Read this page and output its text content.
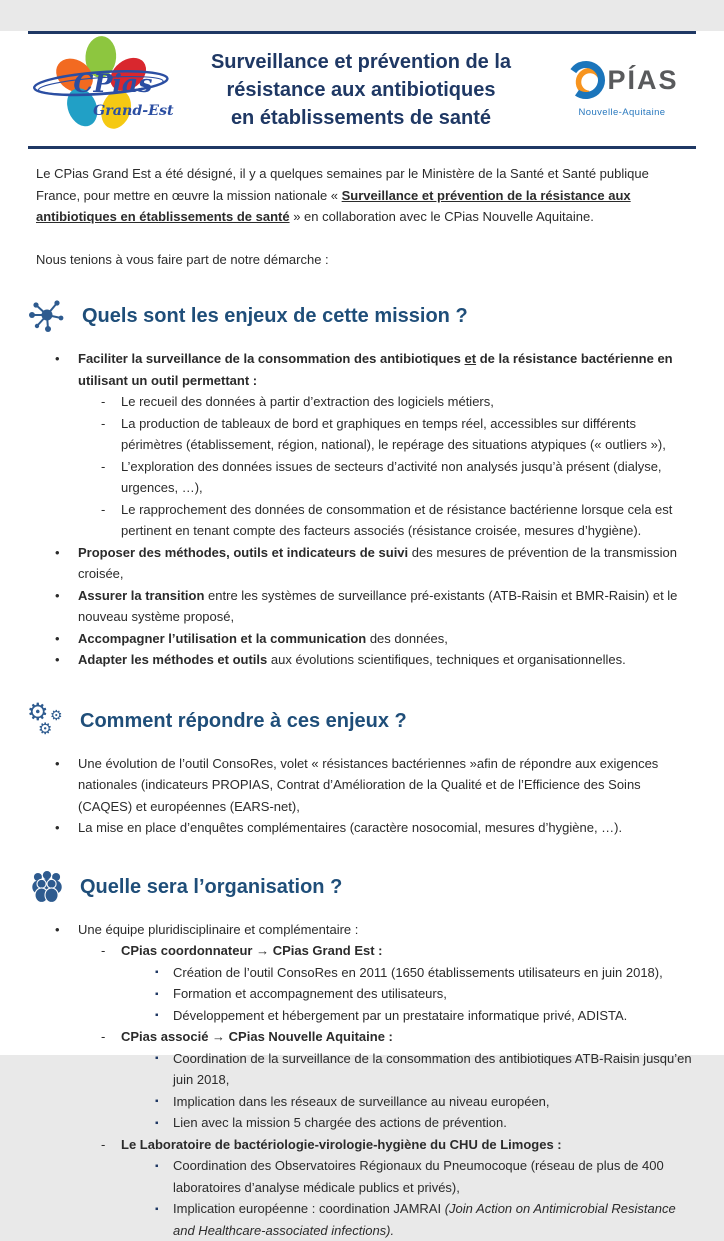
CPias
Grand-Est
Surveillance et prévention de la
résistance aux antibiotiques
en établissements de santé
PÍAS
Nouvelle-Aquitaine

Le CPias Grand Est a été désigné, il y a quelques semaines par le Ministère de la Santé et Santé publique France, pour mettre en œuvre la mission nationale « Surveillance et prévention de la résistance aux antibiotiques en établissements de santé » en collaboration avec le CPias Nouvelle Aquitaine.

Nous tenions à vous faire part de notre démarche :

Quels sont les enjeux de cette mission ?
• Faciliter la surveillance de la consommation des antibiotiques et de la résistance bactérienne en utilisant un outil permettant :
- Le recueil des données à partir d’extraction des logiciels métiers,
- La production de tableaux de bord et graphiques en temps réel, accessibles sur différents périmètres (établissement, région, national), le repérage des situations atypiques (« outliers »),
- L’exploration des données issues de secteurs d’activité non analysés jusqu’à présent (dialyse, urgences, …),
- Le rapprochement des données de consommation et de résistance bactérienne lorsque cela est pertinent en tenant compte des facteurs associés (résistance croisée, mesures d’hygiène).
• Proposer des méthodes, outils et indicateurs de suivi des mesures de prévention de la transmission croisée,
• Assurer la transition entre les systèmes de surveillance pré-existants (ATB-Raisin et BMR-Raisin) et le nouveau système proposé,
• Accompagner l’utilisation et la communication des données,
• Adapter les méthodes et outils aux évolutions scientifiques, techniques et organisationnelles.
⚙ ⚙
⚙ Comment répondre à ces enjeux ?
• Une évolution de l’outil ConsoRes, volet « résistances bactériennes »afin de répondre aux exigences nationales (indicateurs PROPIAS, Contrat d’Amélioration de la Qualité et de l’Efficience des Soins (CAQES) et européennes (EARS-net),
• La mise en place d’enquêtes complémentaires (caractère nosocomial, mesures d’hygiène, …).
Quelle sera l’organisation ?
• Une équipe pluridisciplinaire et complémentaire :
- CPias coordonnateur → CPias Grand Est :
▪ Création de l’outil ConsoRes en 2011 (1650 établissements utilisateurs en juin 2018),
▪ Formation et accompagnement des utilisateurs,
▪ Développement et hébergement par un prestataire informatique privé, ADISTA.
- CPias associé → CPias Nouvelle Aquitaine :
▪ Coordination de la surveillance de la consommation des antibiotiques ATB-Raisin jusqu’en juin 2018,
▪ Implication dans les réseaux de surveillance au niveau européen,
▪ Lien avec la mission 5 chargée des actions de prévention.
- Le Laboratoire de bactériologie-virologie-hygiène du CHU de Limoges :
▪ Coordination des Observatoires Régionaux du Pneumocoque (réseau de plus de 400 laboratoires d’analyse médicale publics et privés),
▪ Implication européenne : coordination JAMRAI (Join Action on Antimicrobial Resistance and Healthcare-associated infections).
